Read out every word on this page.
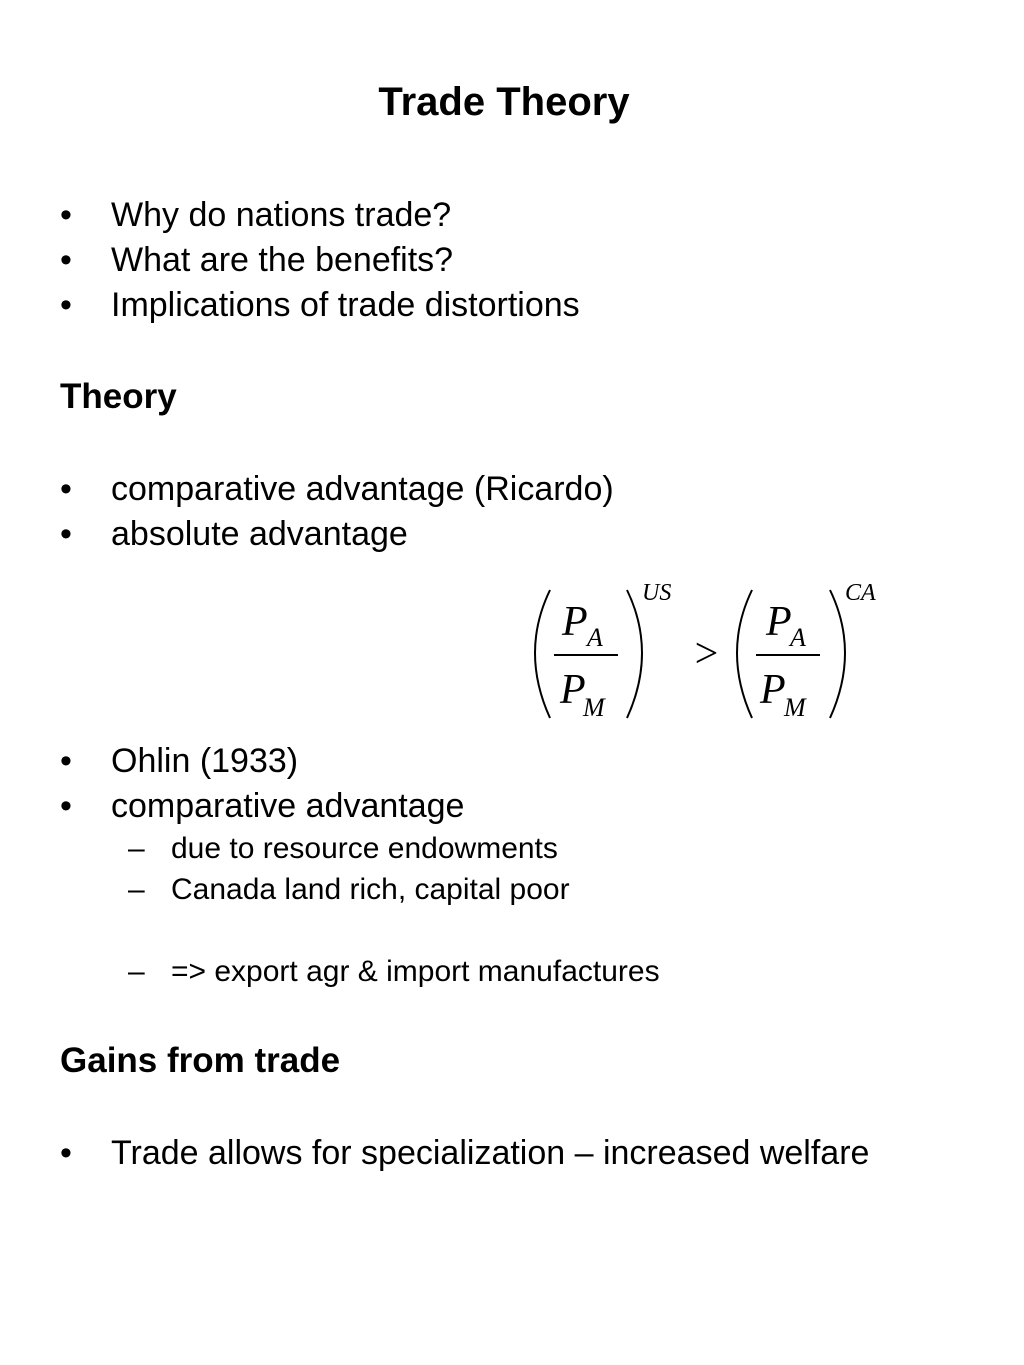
Trade Theory
• Why do nations trade?
• What are the benefits?
• Implications of trade distortions
Theory
• comparative advantage (Ricardo)
• absolute advantage
P A
P
M
US
>
P
A
P
M
CA
• Ohlin (1933)
• comparative advantage
– due to resource endowments
– Canada land rich, capital poor
– => export agr & import manufactures
Gains from trade
• Trade allows for specialization – increased welfare
